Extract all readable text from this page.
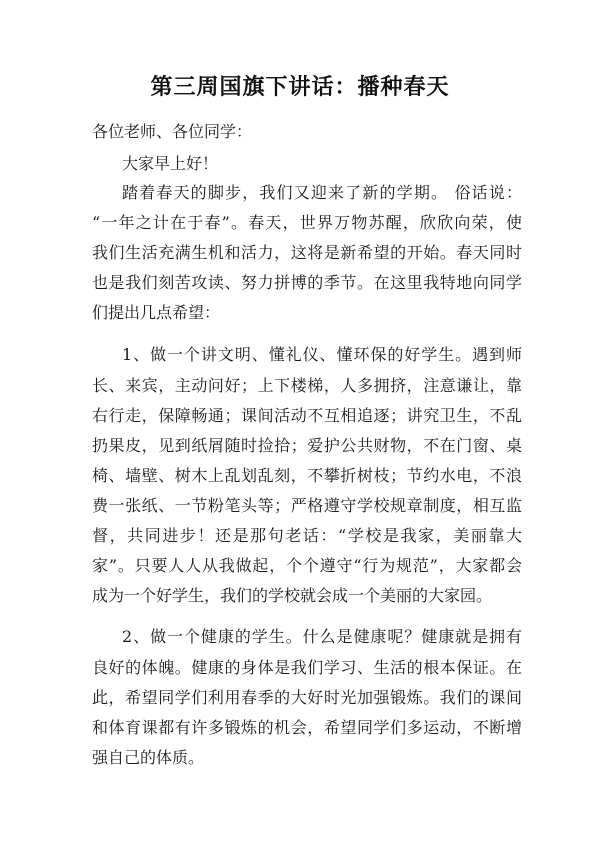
第三周国旗下讲话：播种春天
各位老师、各位同学：
大家早上好！
踏着春天的脚步，我们又迎来了新的学期。 俗话说：
“一年之计在于春”。春天，世界万物苏醒，欣欣向荣，使
我们生活充满生机和活力，这将是新希望的开始。春天同时
也是我们刻苦攻读、努力拼博的季节。在这里我特地向同学
们提出几点希望：
1、做一个讲文明、懂礼仪、懂环保的好学生。遇到师
长、来宾，主动问好；上下楼梯，人多拥挤，注意谦让，靠
右行走，保障畅通；课间活动不互相追逐；讲究卫生，不乱
扔果皮，见到纸屑随时捡拾；爱护公共财物，不在门窗、桌
椅、墙壁、树木上乱划乱刻，不攀折树枝；节约水电，不浪
费一张纸、一节粉笔头等；严格遵守学校规章制度，相互监
督，共同进步！还是那句老话：“学校是我家，美丽靠大
家”。只要人人从我做起，个个遵守“行为规范”，大家都会
成为一个好学生，我们的学校就会成一个美丽的大家园。
2、做一个健康的学生。什么是健康呢？健康就是拥有
良好的体魄。健康的身体是我们学习、生活的根本保证。在
此，希望同学们利用春季的大好时光加强锻炼。我们的课间
和体育课都有许多锻炼的机会，希望同学们多运动，不断增
强自己的体质。
